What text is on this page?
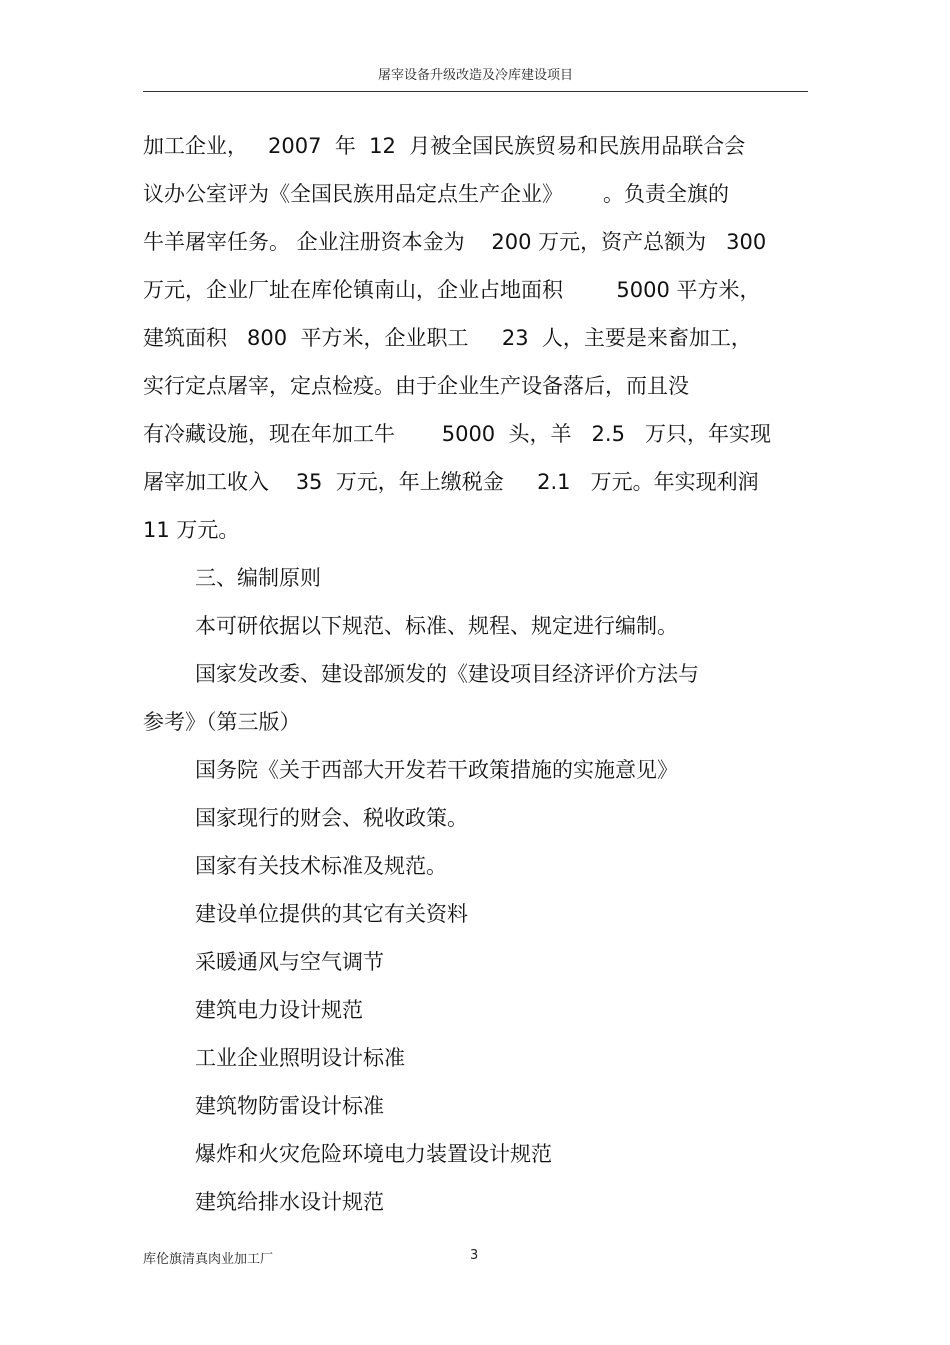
屠宰设备升级改造及冷库建设项目
加工企业，   2007  年  12  月被全国民族贸易和民族用品联合会
议办公室评为《全国民族用品定点生产企业》      。负责全旗的
牛羊屠宰任务。 企业注册资本金为    200 万元，资产总额为   300
万元，企业厂址在库伦镇南山，企业占地面积        5000 平方米，
建筑面积   800  平方米，企业职工     23  人，主要是来畜加工，
实行定点屠宰，定点检疫。由于企业生产设备落后，而且没
有冷藏设施，现在年加工牛       5000  头，羊   2.5   万只，年实现
屠宰加工收入    35  万元，年上缴税金     2.1   万元。年实现利润
11 万元。
三、编制原则
本可研依据以下规范、标准、规程、规定进行编制。
国家发改委、建设部颁发的《建设项目经济评价方法与
参考》（第三版）
国务院《关于西部大开发若干政策措施的实施意见》
国家现行的财会、税收政策。
国家有关技术标准及规范。
建设单位提供的其它有关资料
采暖通风与空气调节
建筑电力设计规范
工业企业照明设计标准
建筑物防雷设计标准
爆炸和火灾危险环境电力装置设计规范
建筑给排水设计规范
库伦旗清真肉业加工厂	3
